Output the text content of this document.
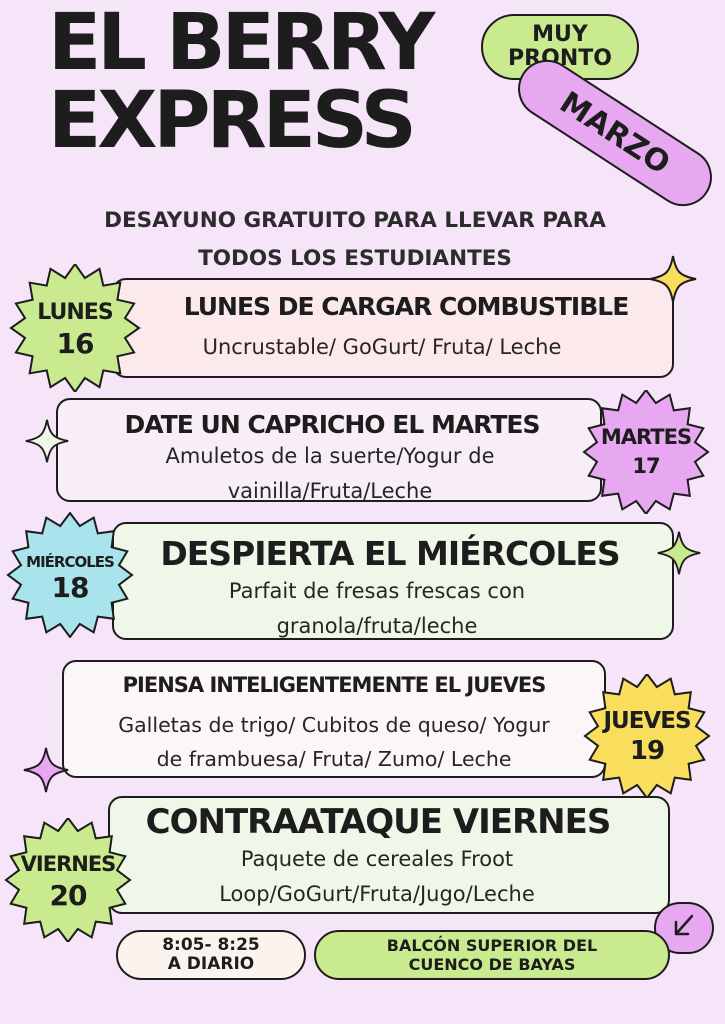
EL BERRY
EXPRESS
MUY
PRONTO
MARZO
DESAYUNO GRATUITO PARA LLEVAR PARA
TODOS LOS ESTUDIANTES
LUNES DE CARGAR COMBUSTIBLE
Uncrustable/ GoGurt/ Fruta/ Leche
LUNES
16
DATE UN CAPRICHO EL MARTES
Amuletos de la suerte/Yogur de
vainilla/Fruta/Leche
MARTES
17
DESPIERTA EL MIÉRCOLES
Parfait de fresas frescas con
granola/fruta/leche
MIÉRCOLES
18
PIENSA INTELIGENTEMENTE EL JUEVES
Galletas de trigo/ Cubitos de queso/ Yogur
de frambuesa/ Fruta/ Zumo/ Leche
JUEVES
19
CONTRAATAQUE VIERNES
Paquete de cereales Froot
Loop/GoGurt/Fruta/Jugo/Leche
VIERNES
20
8:05- 8:25
A DIARIO
BALCÓN SUPERIOR DEL
CUENCO DE BAYAS
